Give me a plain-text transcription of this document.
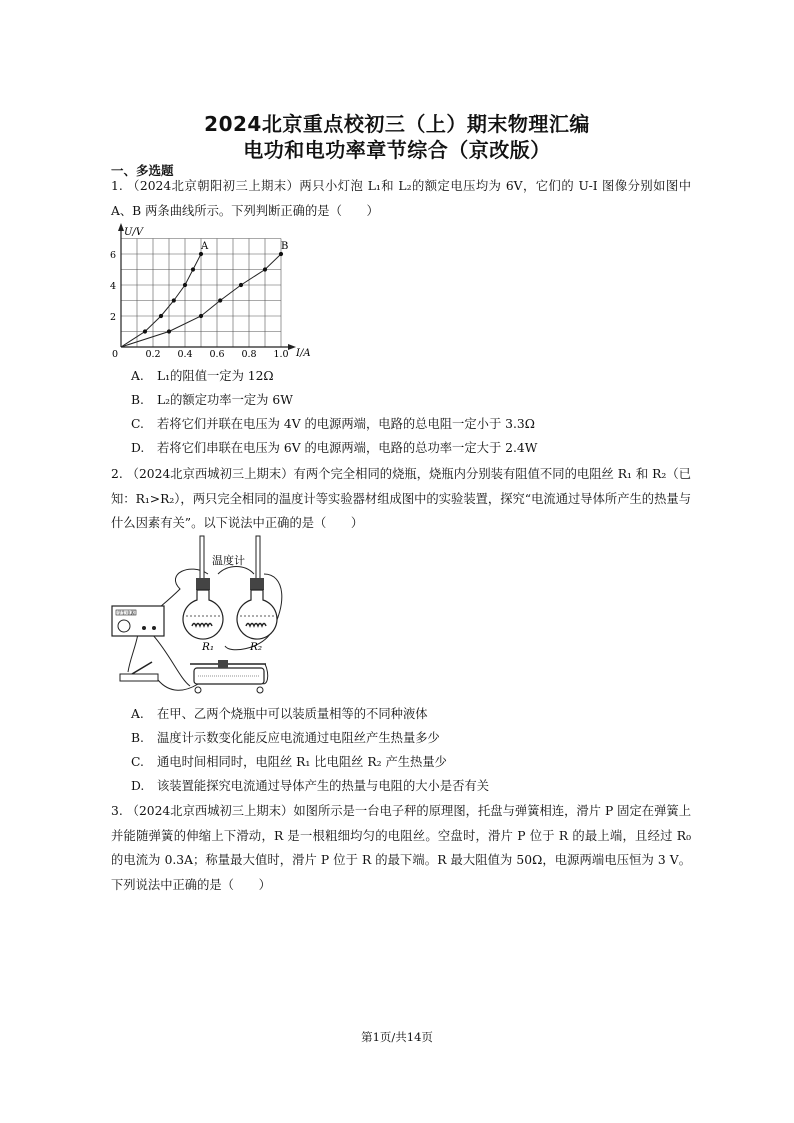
2024北京重点校初三（上）期末物理汇编
电功和电功率章节综合（京改版）
一、多选题
1. （2024北京朝阳初三上期末）两只小灯泡 L₁和 L₂的额定电压均为 6V，它们的 U-I 图像分别如图中 A、B 两条曲线所示。下列判断正确的是（　　）
U/V
I/A
0
A	B
2
4
6
0.2 0.4 0.6 0.8 1.0
A. L₁的阻值一定为 12Ω
B. L₂的额定功率一定为 6W
C. 若将它们并联在电压为 4V 的电源两端，电路的总电阻一定小于 3.3Ω
D. 若将它们串联在电压为 6V 的电源两端，电路的总功率一定大于 2.4W
2. （2024北京西城初三上期末）有两个完全相同的烧瓶，烧瓶内分别装有阻值不同的电阻丝 R₁ 和 R₂（已知：R₁>R₂），两只完全相同的温度计等实验器材组成图中的实验装置，探究“电流通过导体所产生的热量与什么因素有关”。以下说法中正确的是（　　）
温度计
R₁	R₂
学生电源
A. 在甲、乙两个烧瓶中可以装质量相等的不同种液体
B. 温度计示数变化能反应电流通过电阻丝产生热量多少
C. 通电时间相同时，电阻丝 R₁ 比电阻丝 R₂ 产生热量少
D. 该装置能探究电流通过导体产生的热量与电阻的大小是否有关
3. （2024北京西城初三上期末）如图所示是一台电子秤的原理图，托盘与弹簧相连，滑片 P 固定在弹簧上并能随弹簧的伸缩上下滑动，R 是一根粗细均匀的电阻丝。空盘时，滑片 P 位于 R 的最上端，且经过 R₀ 的电流为 0.3A；称量最大值时，滑片 P 位于 R 的最下端。R 最大阻值为 50Ω，电源两端电压恒为 3 V。下列说法中正确的是（　　）
第1页/共14页
